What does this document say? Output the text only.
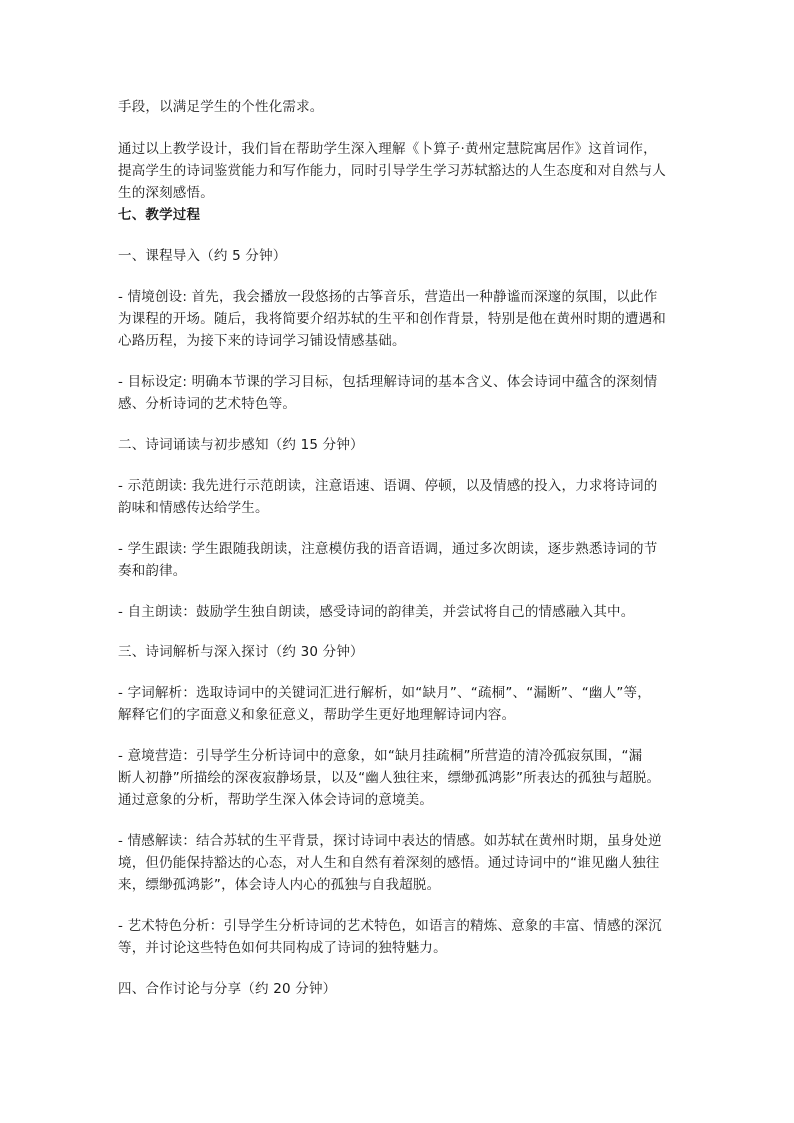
手段，以满足学生的个性化需求。
通过以上教学设计，我们旨在帮助学生深入理解《卜算子·黄州定慧院寓居作》这首词作，
提高学生的诗词鉴赏能力和写作能力，同时引导学生学习苏轼豁达的人生态度和对自然与人
生的深刻感悟。
七、教学过程
一、课程导入（约 5 分钟）
- 情境创设: 首先，我会播放一段悠扬的古筝音乐，营造出一种静谧而深邃的氛围，以此作
为课程的开场。随后，我将简要介绍苏轼的生平和创作背景，特别是他在黄州时期的遭遇和
心路历程，为接下来的诗词学习铺设情感基础。
- 目标设定: 明确本节课的学习目标，包括理解诗词的基本含义、体会诗词中蕴含的深刻情
感、分析诗词的艺术特色等。
二、诗词诵读与初步感知（约 15 分钟）
- 示范朗读: 我先进行示范朗读，注意语速、语调、停顿，以及情感的投入，力求将诗词的
韵味和情感传达给学生。
- 学生跟读: 学生跟随我朗读，注意模仿我的语音语调，通过多次朗读，逐步熟悉诗词的节
奏和韵律。
- 自主朗读：鼓励学生独自朗读，感受诗词的韵律美，并尝试将自己的情感融入其中。
三、诗词解析与深入探讨（约 30 分钟）
- 字词解析：选取诗词中的关键词汇进行解析，如“缺月”、“疏桐”、“漏断”、“幽人”等，
解释它们的字面意义和象征意义，帮助学生更好地理解诗词内容。
- 意境营造：引导学生分析诗词中的意象，如“缺月挂疏桐”所营造的清冷孤寂氛围，“漏
断人初静”所描绘的深夜寂静场景，以及“幽人独往来，缥缈孤鸿影”所表达的孤独与超脱。
通过意象的分析，帮助学生深入体会诗词的意境美。
- 情感解读：结合苏轼的生平背景，探讨诗词中表达的情感。如苏轼在黄州时期，虽身处逆
境，但仍能保持豁达的心态，对人生和自然有着深刻的感悟。通过诗词中的“谁见幽人独往
来，缥缈孤鸿影”，体会诗人内心的孤独与自我超脱。
- 艺术特色分析：引导学生分析诗词的艺术特色，如语言的精炼、意象的丰富、情感的深沉
等，并讨论这些特色如何共同构成了诗词的独特魅力。
四、合作讨论与分享（约 20 分钟）
